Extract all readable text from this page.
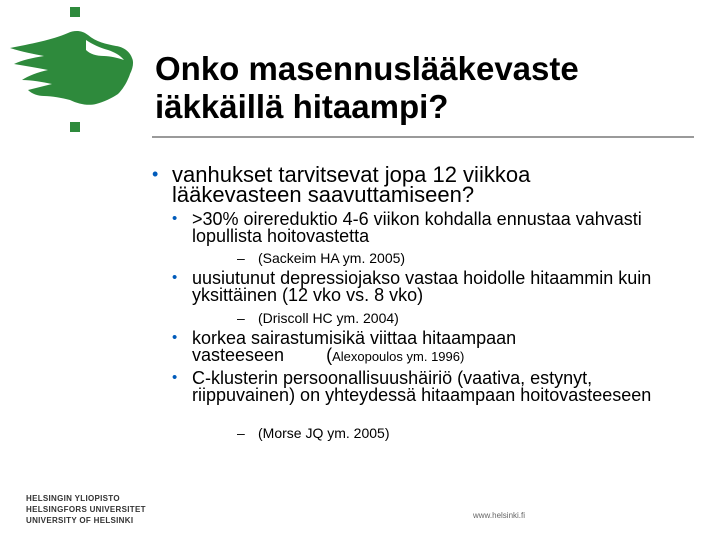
Onko masennuslääkevaste
iäkkäillä hitaampi?
• vanhukset tarvitsevat jopa 12 viikkoa lääkevasteen saavuttamiseen?
• >30% oirereduktio 4-6 viikon kohdalla ennustaa vahvasti lopullista hoitovastetta
– (Sackeim HA ym. 2005)
• uusiutunut depressiojakso vastaa hoidolle hitaammin kuin yksittäinen (12 vko vs. 8 vko)
– (Driscoll HC ym. 2004)
• korkea sairastumisikä viittaa hitaampaan vasteeseen (Alexopoulos ym. 1996)
• C-klusterin persoonallisuushäiriö (vaativa, estynyt, riippuvainen) on yhteydessä hitaampaan hoitovasteeseen
– (Morse JQ ym. 2005)
HELSINGIN YLIOPISTO
HELSINGFORS UNIVERSITET
UNIVERSITY OF HELSINKI
www.helsinki.fi
